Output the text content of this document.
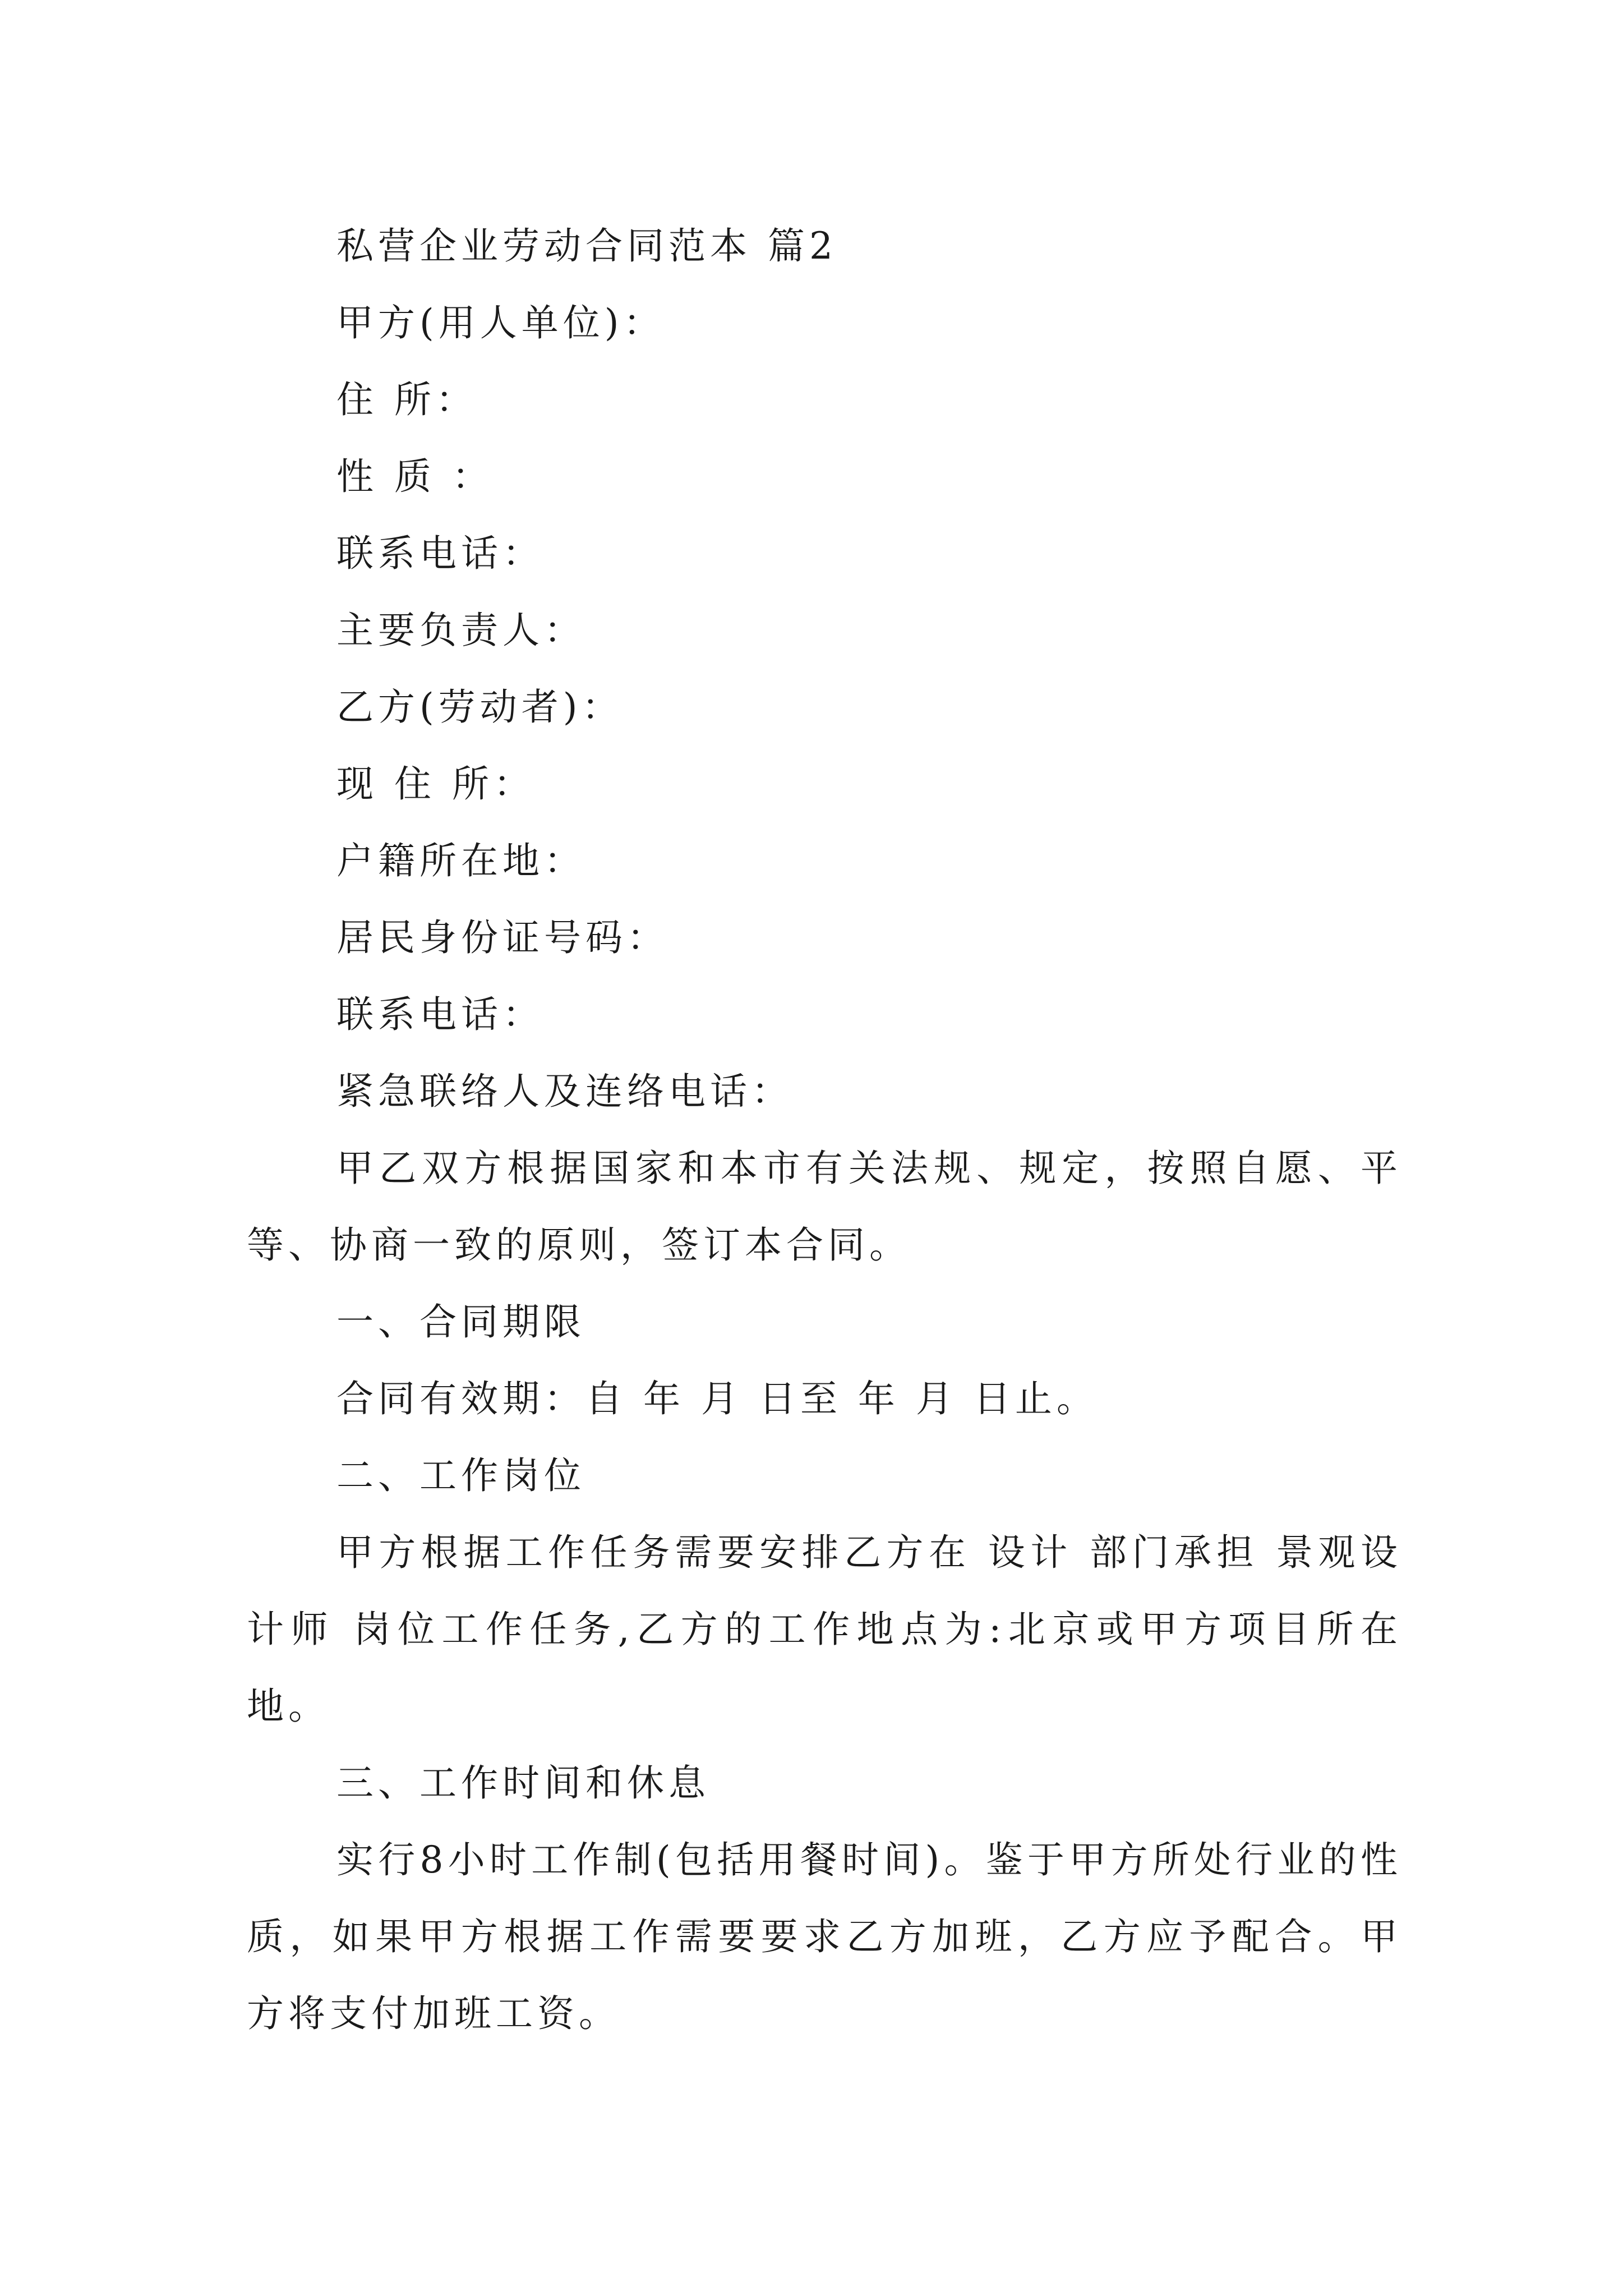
私营企业劳动合同范本 篇2
甲方(用人单位)：
住 所：
性 质 ：
联系电话：
主要负责人：
乙方(劳动者)：
现 住 所：
户籍所在地：
居民身份证号码：
联系电话：
紧急联络人及连络电话：
甲乙双方根据国家和本市有关法规、规定，按照自愿、平等、协商一致的原则，签订本合同。
一、合同期限
合同有效期：自 年 月 日至 年 月 日止。
二、工作岗位
甲方根据工作任务需要安排乙方在 设计 部门承担 景观设计师 岗位工作任务,乙方的工作地点为:北京或甲方项目所在地。
三、工作时间和休息
实行8小时工作制(包括用餐时间)。鉴于甲方所处行业的性质，如果甲方根据工作需要要求乙方加班，乙方应予配合。甲方将支付加班工资。
